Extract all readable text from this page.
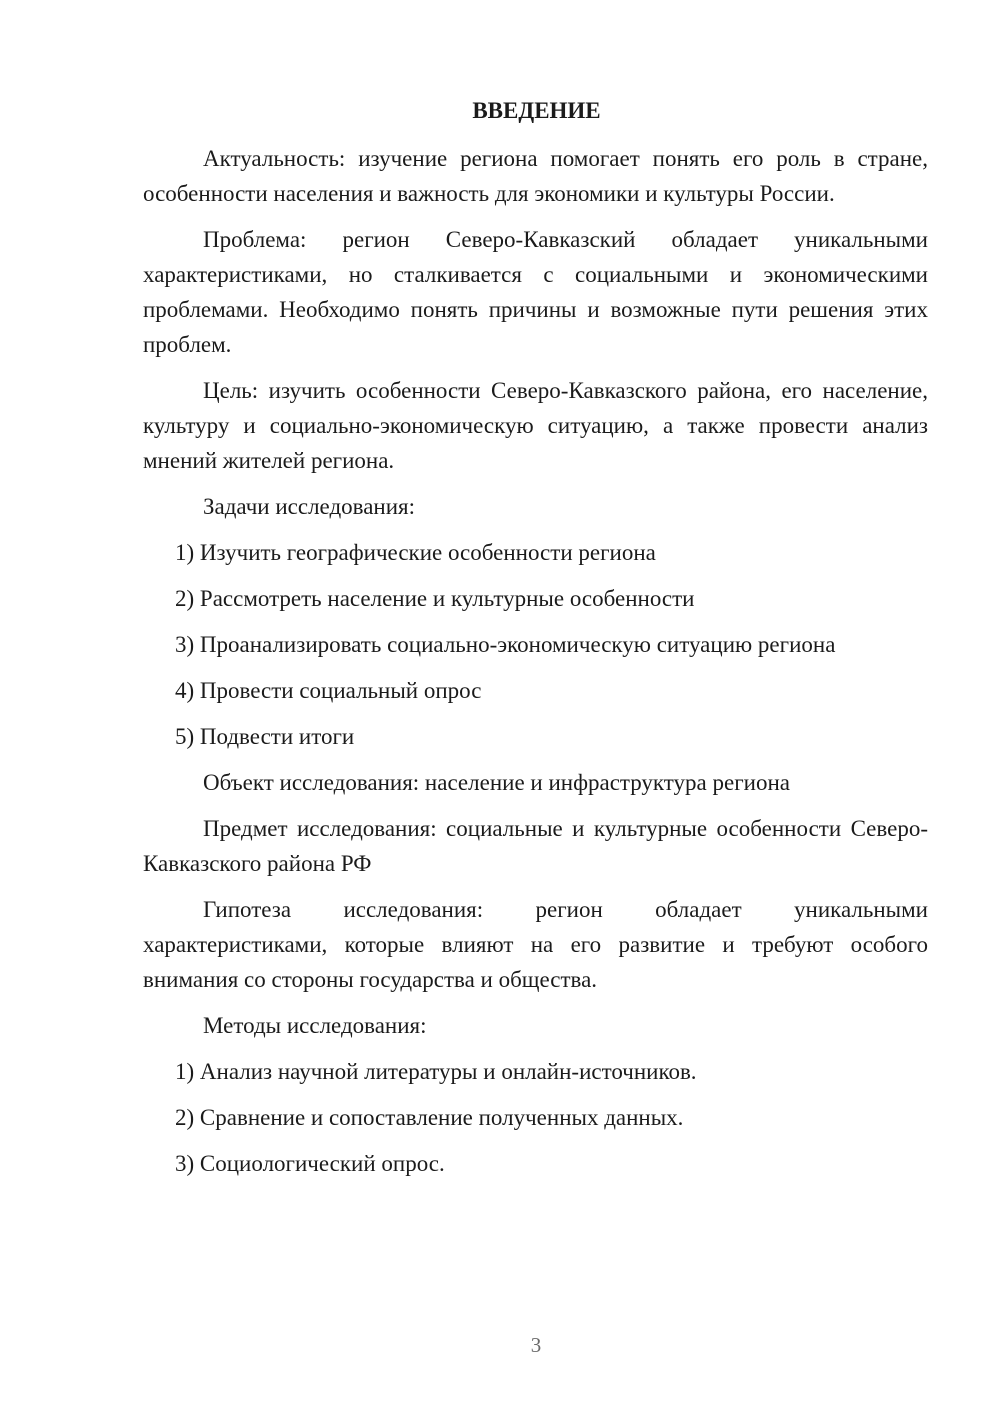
ВВЕДЕНИЕ

Актуальность: изучение региона помогает понять его роль в стране, особенности населения и важность для экономики и культуры России.

Проблема: регион Северо-Кавказский обладает уникальными характеристиками, но сталкивается с социальными и экономическими проблемами. Необходимо понять причины и возможные пути решения этих проблем.

Цель: изучить особенности Северо-Кавказского района, его население, культуру и социально-экономическую ситуацию, а также провести анализ мнений жителей региона.

Задачи исследования:

1) Изучить географические особенности региона
2) Рассмотреть население и культурные особенности
3) Проанализировать социально-экономическую ситуацию региона
4) Провести социальный опрос
5) Подвести итоги

Объект исследования: население и инфраструктура региона

Предмет исследования: социальные и культурные особенности Северо-Кавказского района РФ

Гипотеза исследования: регион обладает уникальными характеристиками, которые влияют на его развитие и требуют особого внимания со стороны государства и общества.

Методы исследования:

1) Анализ научной литературы и онлайн-источников.
2) Сравнение и сопоставление полученных данных.
3) Социологический опрос.
3
